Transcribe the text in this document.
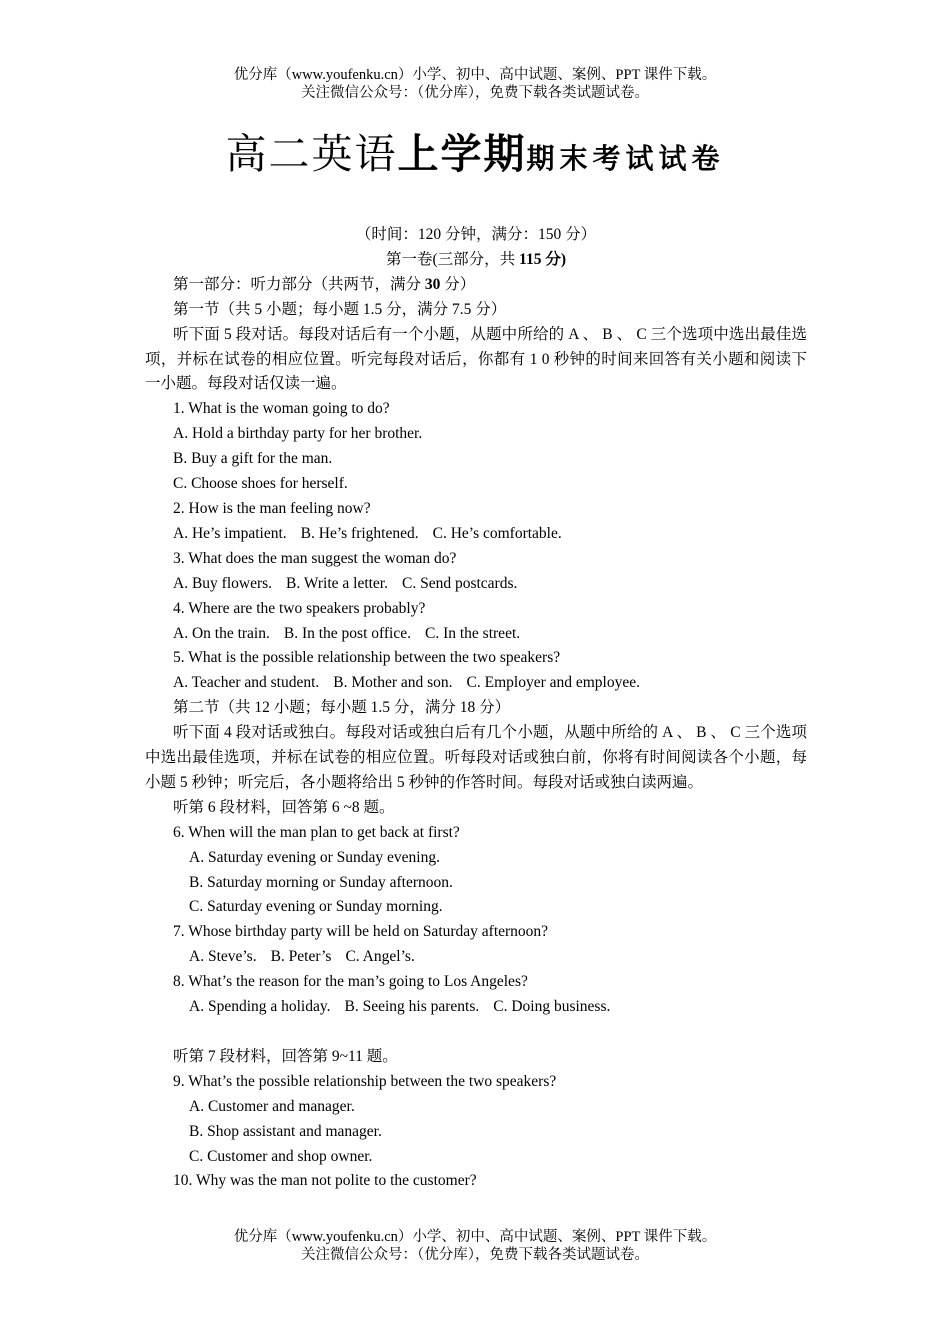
优分库（www.youfenku.cn）小学、初中、高中试题、案例、PPT 课件下载。
关注微信公众号：（优分库），免费下载各类试题试卷。
高二英语上学期期末考试试卷

（时间：120 分钟，满分：150 分）

第一卷(三部分，共 115 分)

第一部分：听力部分（共两节，满分 30 分）

第一节（共 5 小题；每小题 1.5 分，满分 7.5 分）

听下面 5 段对话。每段对话后有一个小题，从题中所给的 A 、 B 、 C 三个选项中选出最佳选项，并标在试卷的相应位置。听完每段对话后，你都有 1 0 秒钟的时间来回答有关小题和阅读下一小题。每段对话仅读一遍。

1. What is the woman going to do?

A. Hold a birthday party for her brother.

B. Buy a gift for the man.

C. Choose shoes for herself.

2. How is the man feeling now?

A. He’s impatient. B. He’s frightened. C. He’s comfortable.

3. What does the man suggest the woman do?

A. Buy flowers. B. Write a letter. C. Send postcards.

4. Where are the two speakers probably?

A. On the train. B. In the post office. C. In the street.

5. What is the possible relationship between the two speakers?

A. Teacher and student. B. Mother and son. C. Employer and employee.

第二节（共 12 小题；每小题 1.5 分，满分 18 分）

听下面 4 段对话或独白。每段对话或独白后有几个小题，从题中所给的 A 、 B 、 C 三个选项中选出最佳选项，并标在试卷的相应位置。听每段对话或独白前，你将有时间阅读各个小题，每小题 5 秒钟；听完后，各小题将给出 5 秒钟的作答时间。每段对话或独白读两遍。

听第 6 段材料，回答第 6 ~8 题。

6. When will the man plan to get back at first?

A. Saturday evening or Sunday evening.

B. Saturday morning or Sunday afternoon.

C. Saturday evening or Sunday morning.

7. Whose birthday party will be held on Saturday afternoon?

A. Steve’s. B. Peter’s C. Angel’s.

8. What’s the reason for the man’s going to Los Angeles?

A. Spending a holiday. B. Seeing his parents. C. Doing business.

听第 7 段材料，回答第 9~11 题。

9. What’s the possible relationship between the two speakers?

A. Customer and manager.

B. Shop assistant and manager.

C. Customer and shop owner.

10. Why was the man not polite to the customer?

优分库（www.youfenku.cn）小学、初中、高中试题、案例、PPT 课件下载。
关注微信公众号：（优分库），免费下载各类试题试卷。
